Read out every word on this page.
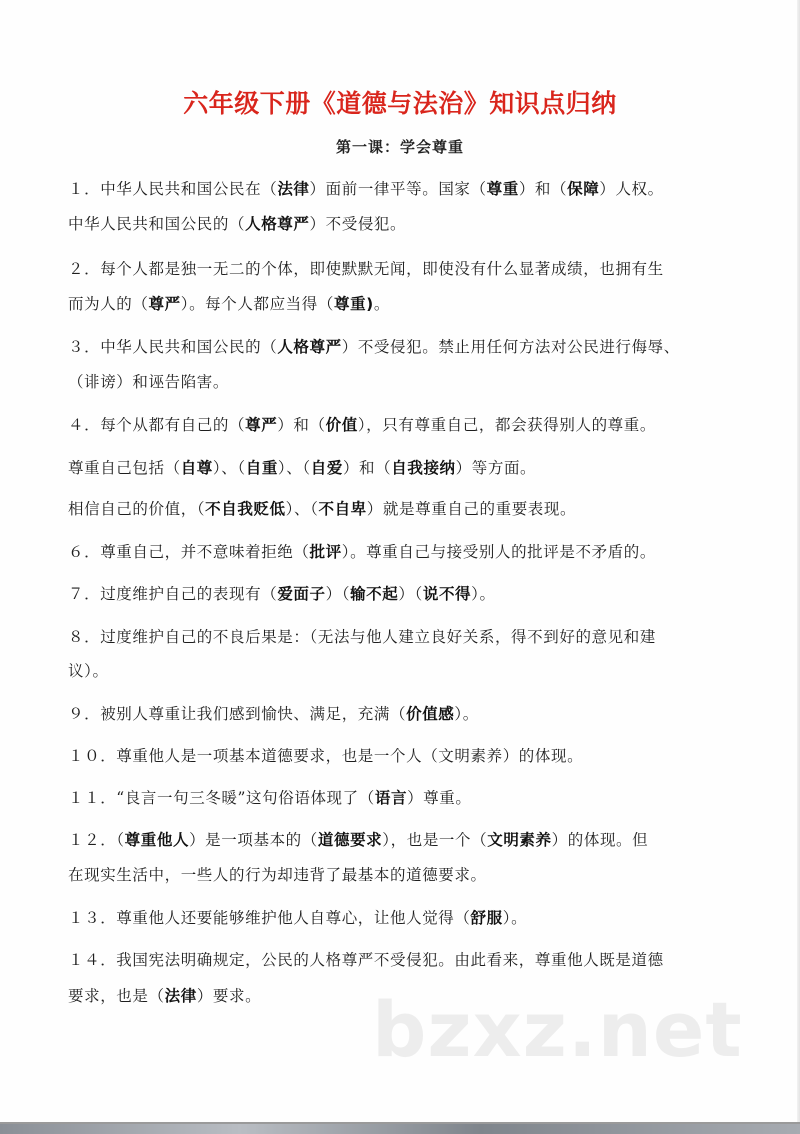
六年级下册《道德与法治》知识点归纳
第一课：学会尊重
１．中华人民共和国公民在（法律）面前一律平等。国家（尊重）和（保障）人权。
中华人民共和国公民的（人格尊严）不受侵犯。
２．每个人都是独一无二的个体，即使默默无闻，即使没有什么显著成绩，也拥有生
而为人的（尊严）。每个人都应当得（尊重)。
３．中华人民共和国公民的（人格尊严）不受侵犯。禁止用任何方法对公民进行侮辱、
（诽谤）和诬告陷害。
４．每个从都有自己的（尊严）和（价值），只有尊重自己，都会获得别人的尊重。
尊重自己包括（自尊）、（自重）、（自爱）和（自我接纳）等方面。
相信自己的价值，（不自我贬低）、（不自卑）就是尊重自己的重要表现。
６．尊重自己，并不意味着拒绝（批评）。尊重自己与接受别人的批评是不矛盾的。
７．过度维护自己的表现有（爱面子）（输不起）（说不得）。
８．过度维护自己的不良后果是：（无法与他人建立良好关系，得不到好的意见和建
议）。
９．被别人尊重让我们感到愉快、满足，充满（价值感）。
１０．尊重他人是一项基本道德要求，也是一个人（文明素养）的体现。
１１．“良言一句三冬暖”这句俗语体现了（语言）尊重。
１２．（尊重他人）是一项基本的（道德要求），也是一个（文明素养）的体现。但
在现实生活中，一些人的行为却违背了最基本的道德要求。
１３．尊重他人还要能够维护他人自尊心，让他人觉得（舒服）。
１４．我国宪法明确规定，公民的人格尊严不受侵犯。由此看来，尊重他人既是道德
要求，也是（法律）要求。	bzxz.net
